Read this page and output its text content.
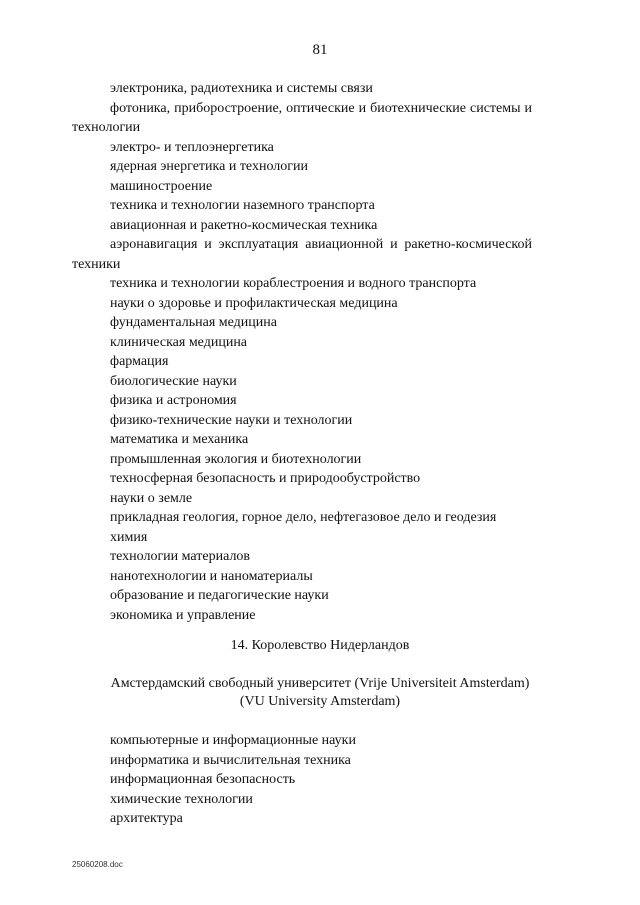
81

электроника, радиотехника и системы связи

фотоника, приборостроение, оптические и биотехнические системы и технологии

электро- и теплоэнергетика

ядерная энергетика и технологии

машиностроение

техника и технологии наземного транспорта

авиационная и ракетно-космическая техника

аэронавигация и эксплуатация авиационной и ракетно-космической техники

техника и технологии кораблестроения и водного транспорта

науки о здоровье и профилактическая медицина

фундаментальная медицина

клиническая медицина

фармация

биологические науки

физика и астрономия

физико-технические науки и технологии

математика и механика

промышленная экология и биотехнологии

техносферная безопасность и природообустройство

науки о земле

прикладная геология, горное дело, нефтегазовое дело и геодезия

химия

технологии материалов

нанотехнологии и наноматериалы

образование и педагогические науки

экономика и управление

14. Королевство Нидерландов
Амстердамский свободный университет (Vrije Universiteit Amsterdam)
(VU University Amsterdam)

компьютерные и информационные науки

информатика и вычислительная техника

информационная безопасность

химические технологии

архитектура

25060208.doc
